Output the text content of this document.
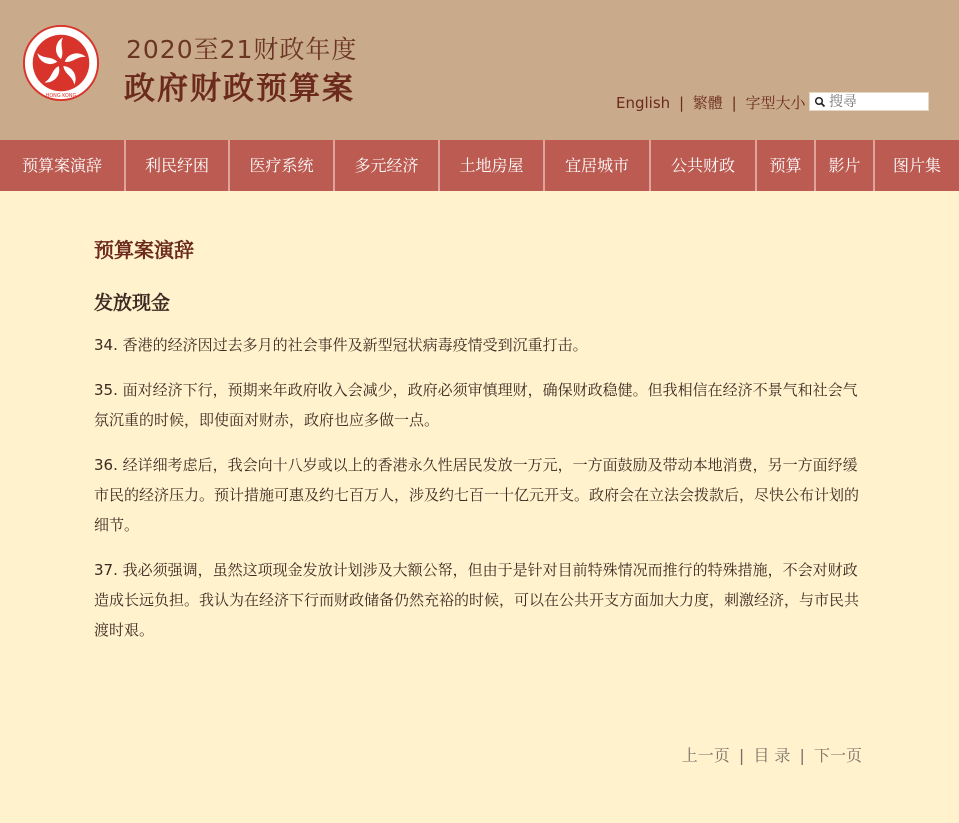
HONG KONG
2020至21财政年度
政府财政预算案	English | 繁體 | 字型大小
搜尋
预算案演辞	利民纾困	医疗系统	多元经济	土地房屋	宜居城市	公共财政	预算	影片	图片集
预算案演辞
发放现金

34. 香港的经济因过去多月的社会事件及新型冠状病毒疫情受到沉重打击。

35. 面对经济下行，预期来年政府收入会减少，政府必须审慎理财，确保财政稳健。但我相信在经济不景气和社会气氛沉重的时候，即使面对财赤，政府也应多做一点。

36. 经详细考虑后，我会向十八岁或以上的香港永久性居民发放一万元，一方面鼓励及带动本地消费，另一方面纾缓市民的经济压力。预计措施可惠及约七百万人，涉及约七百一十亿元开支。政府会在立法会拨款后，尽快公布计划的细节。

37. 我必须强调，虽然这项现金发放计划涉及大额公帑，但由于是针对目前特殊情况而推行的特殊措施，不会对财政造成长远负担。我认为在经济下行而财政储备仍然充裕的时候，可以在公共开支方面加大力度，刺激经济，与市民共渡时艰。

上一页 | 目 录 | 下一页
